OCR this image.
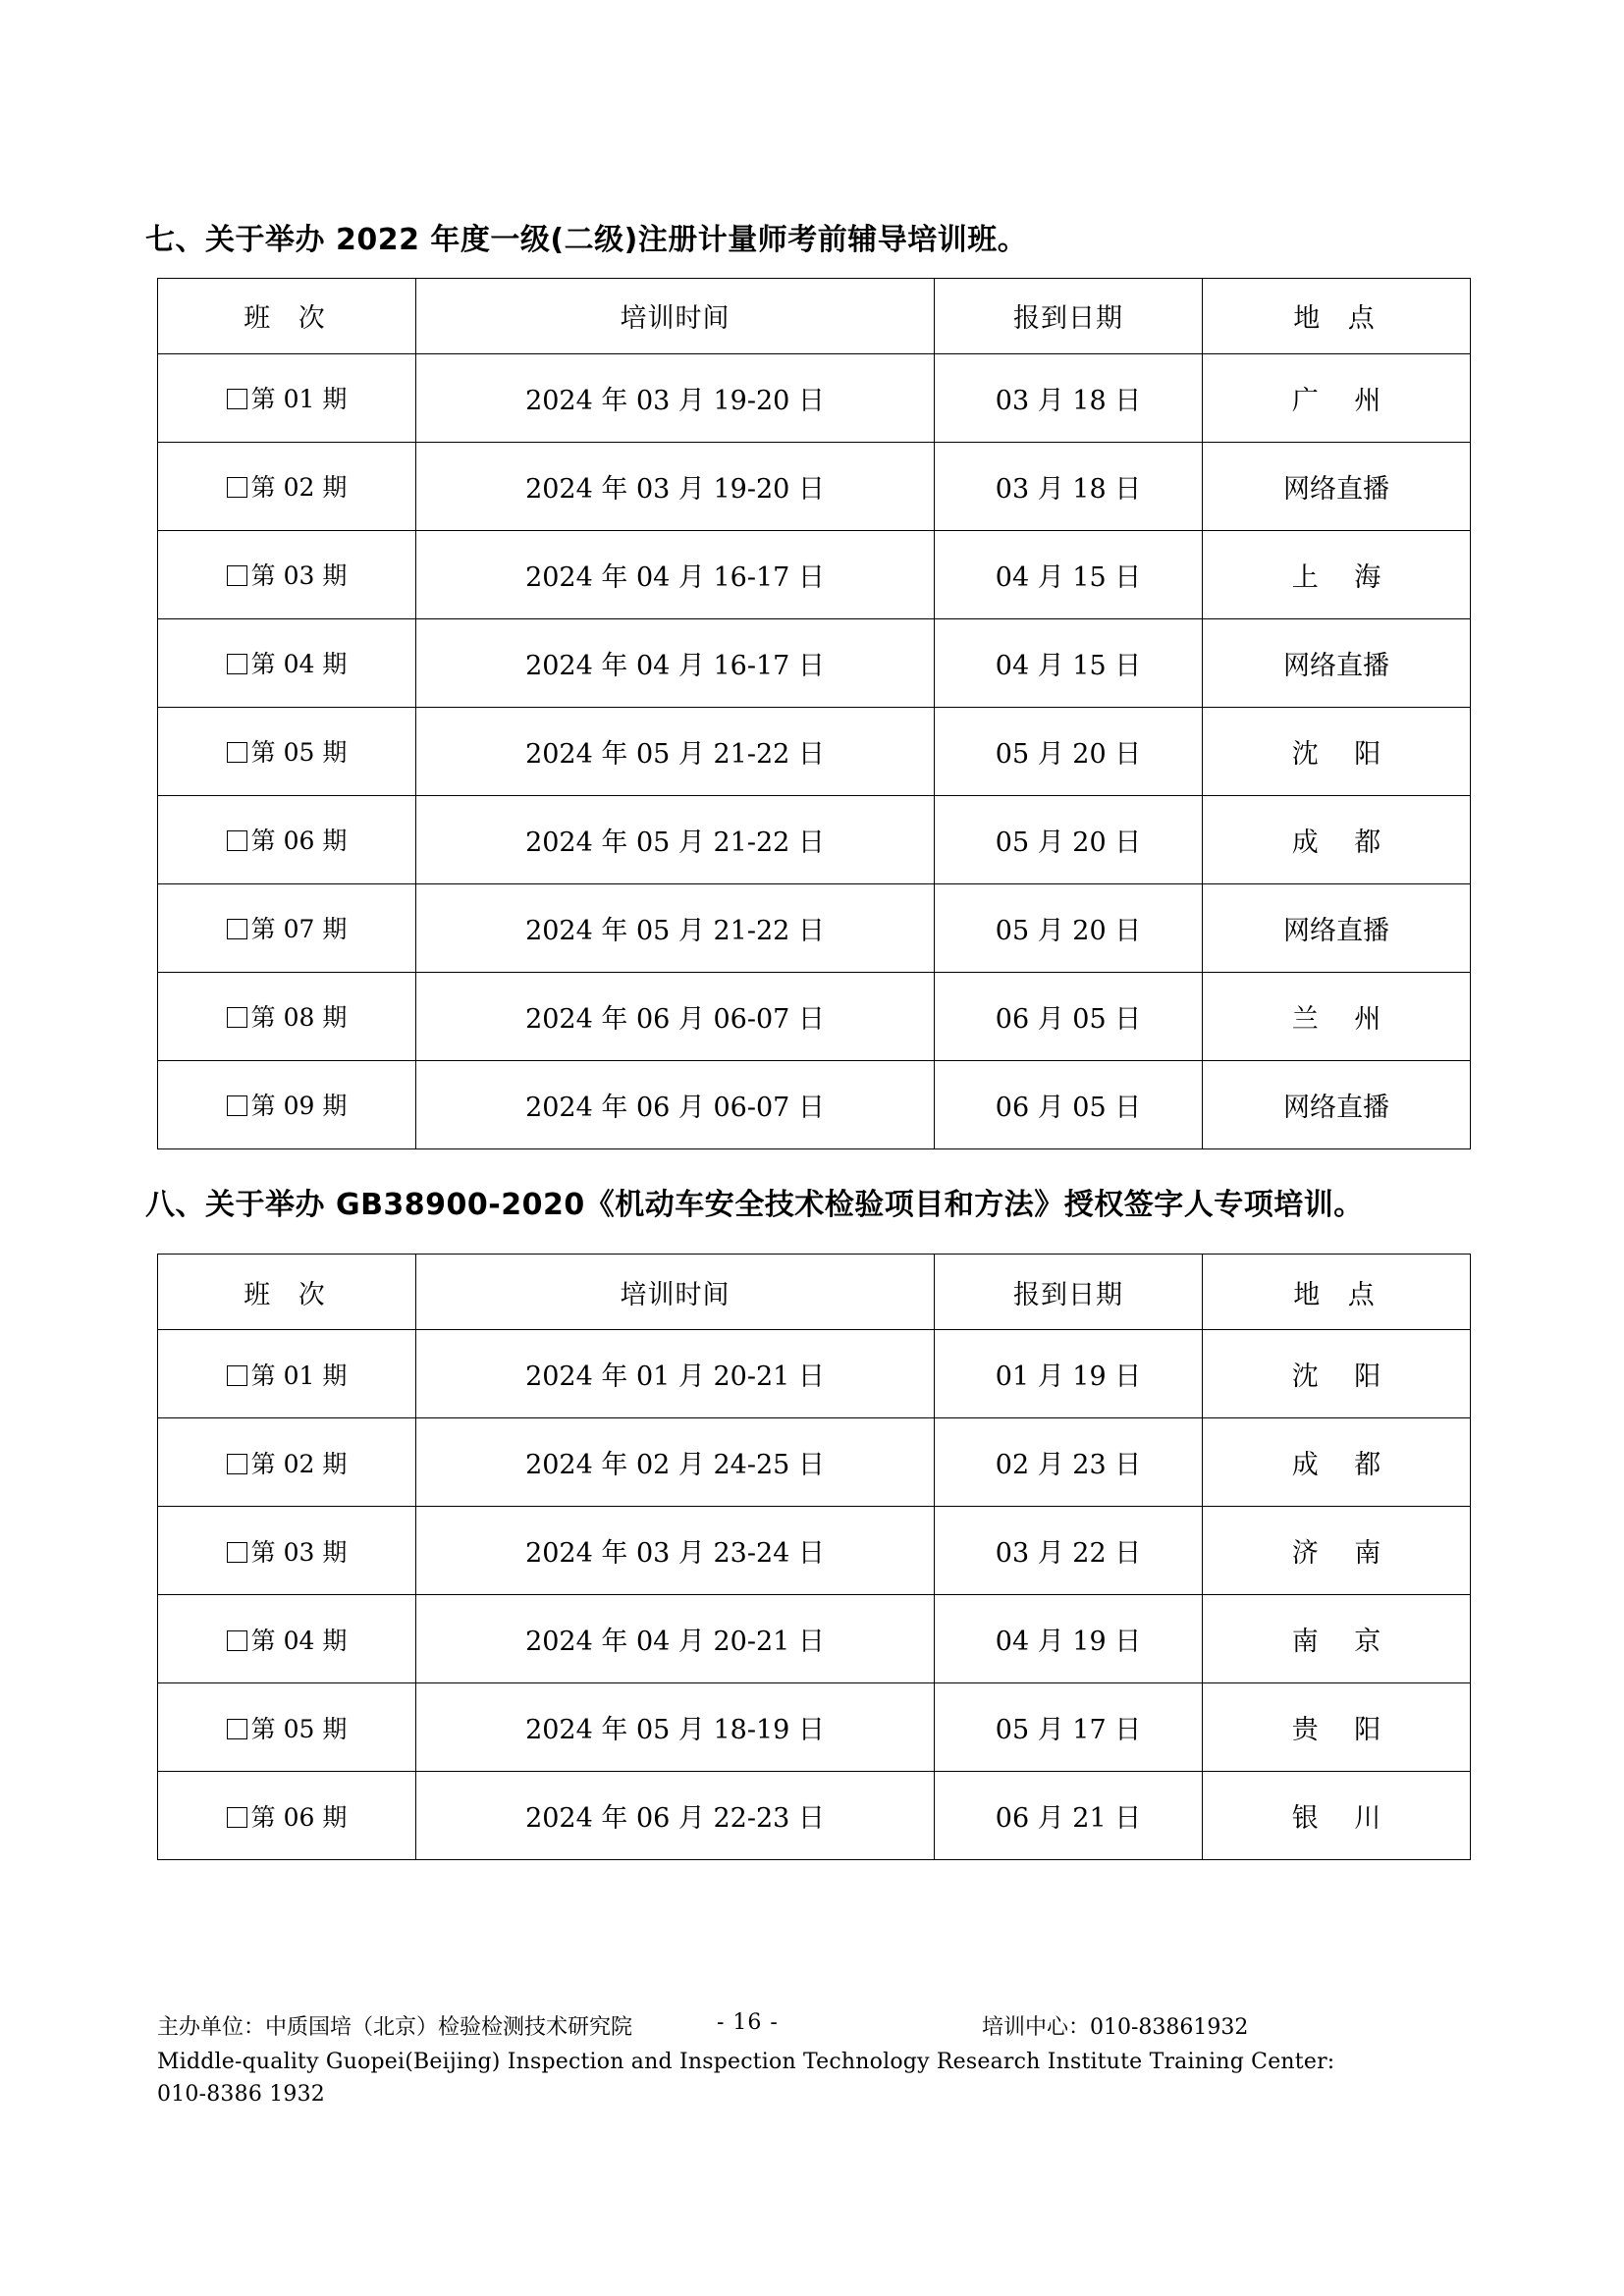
七、关于举办 2022 年度一级(二级)注册计量师考前辅导培训班。
班 次	培训时间	报到日期	地 点
第 01 期	2024 年 03 月 19-20 日	03 月 18 日	广 州
第 02 期	2024 年 03 月 19-20 日	03 月 18 日	网络直播
第 03 期	2024 年 04 月 16-17 日	04 月 15 日	上 海
第 04 期	2024 年 04 月 16-17 日	04 月 15 日	网络直播
第 05 期	2024 年 05 月 21-22 日	05 月 20 日	沈 阳
第 06 期	2024 年 05 月 21-22 日	05 月 20 日	成 都
第 07 期	2024 年 05 月 21-22 日	05 月 20 日	网络直播
第 08 期	2024 年 06 月 06-07 日	06 月 05 日	兰 州
第 09 期	2024 年 06 月 06-07 日	06 月 05 日	网络直播
八、关于举办 GB38900-2020《机动车安全技术检验项目和方法》授权签字人专项培训。
班 次	培训时间	报到日期	地 点
第 01 期	2024 年 01 月 20-21 日	01 月 19 日	沈 阳
第 02 期	2024 年 02 月 24-25 日	02 月 23 日	成 都
第 03 期	2024 年 03 月 23-24 日	03 月 22 日	济 南
第 04 期	2024 年 04 月 20-21 日	04 月 19 日	南 京
第 05 期	2024 年 05 月 18-19 日	05 月 17 日	贵 阳
第 06 期	2024 年 06 月 22-23 日	06 月 21 日	银 川
主办单位：中质国培（北京）检验检测技术研究院	- 16 -	培训中心：010-83861932
Middle-quality Guopei(Beijing) Inspection and Inspection Technology Research Institute Training Center:
010-8386 1932
